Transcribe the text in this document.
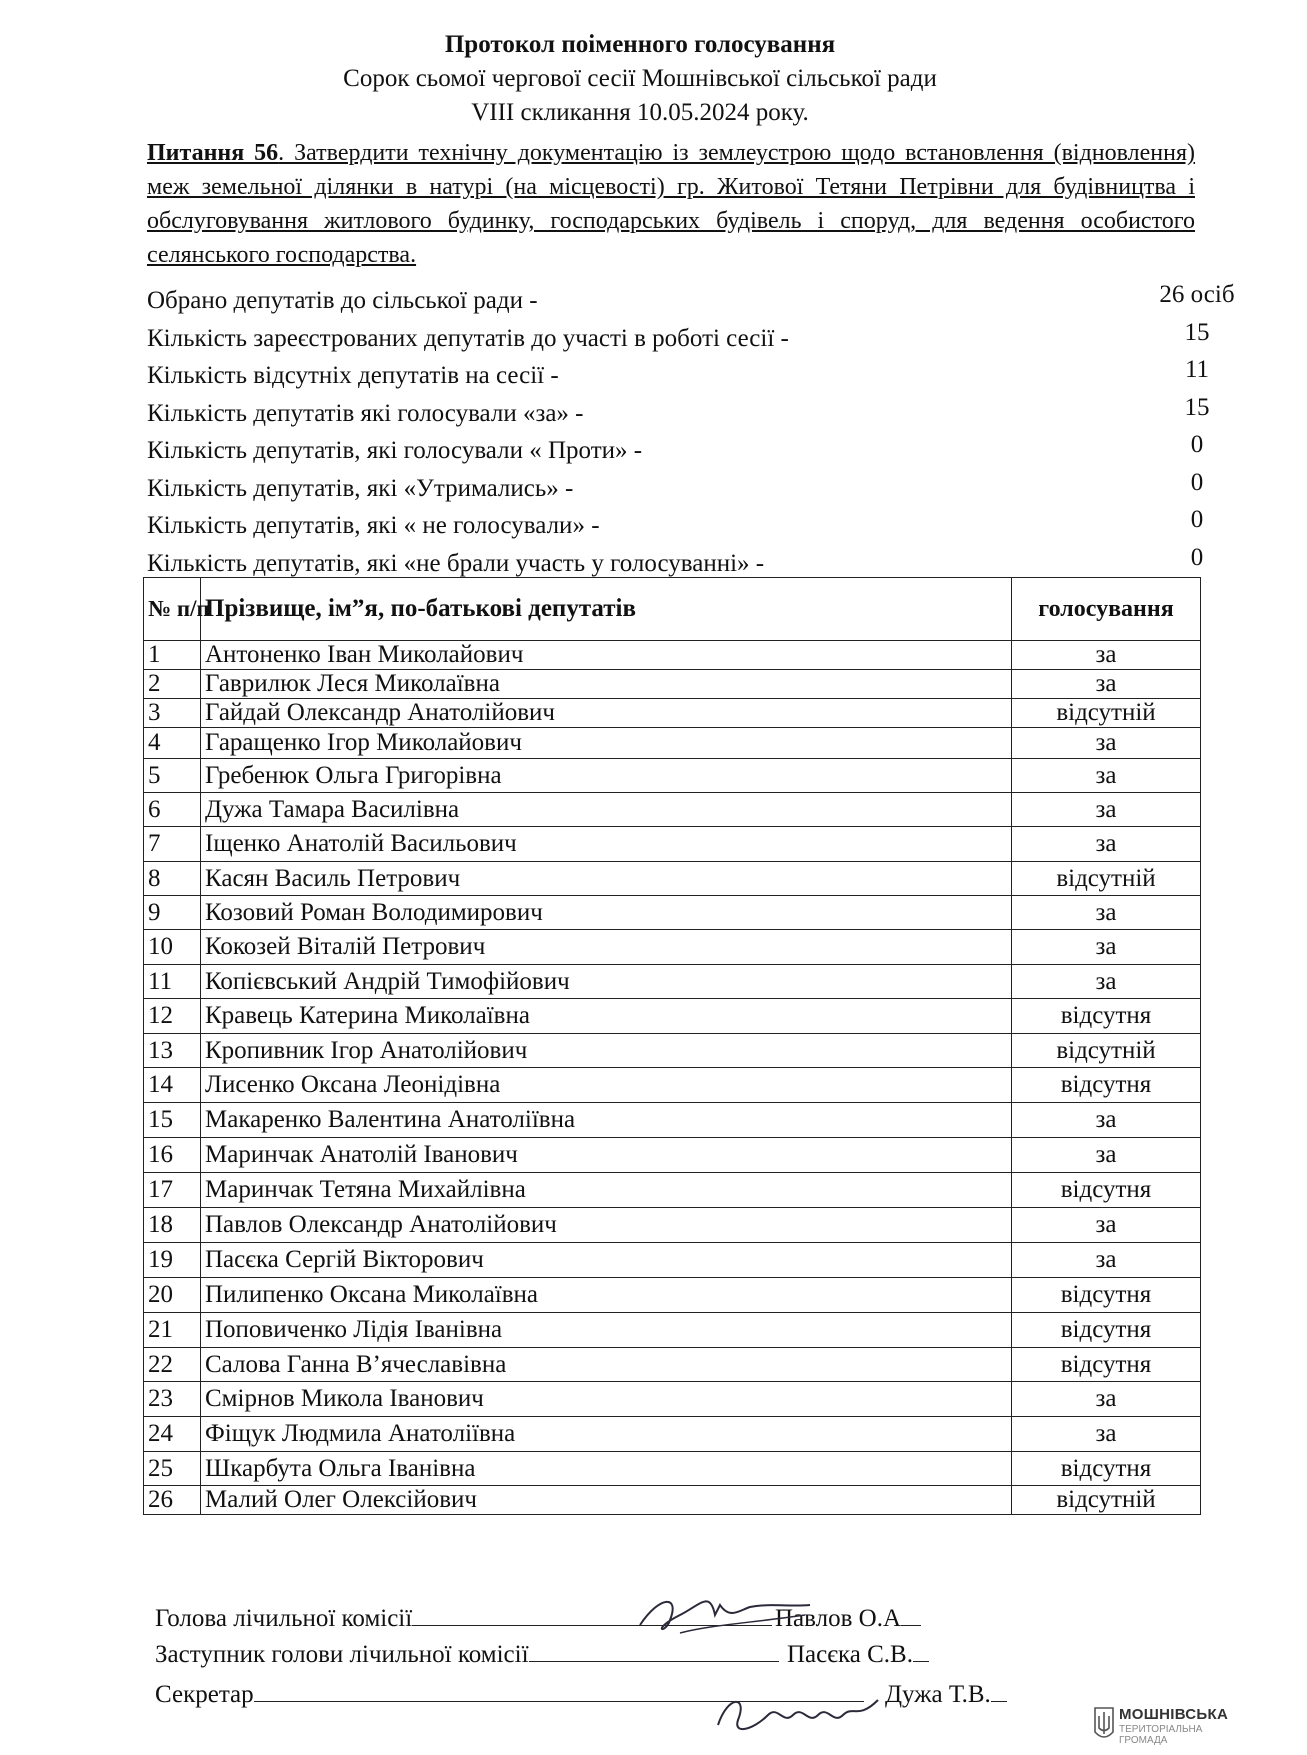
Протокол поіменного голосування
Сорок сьомої чергової сесії Мошнівської сільської ради
VIII скликання 10.05.2024 року.
Питання 56. Затвердити технічну документацію із землеустрою щодо встановлення (відновлення) меж земельної ділянки в натурі (на місцевості) гр. Житової Тетяни Петрівни для будівництва і обслуговування житлового будинку, господарських будівель і споруд, для ведення особистого селянського господарства.
Обрано депутатів до сільської ради -	26 осіб
Кількість зареєстрованих депутатів до участі в роботі сесії -	15
Кількість відсутніх депутатів на сесії -	11
Кількість депутатів які голосували «за» -	15
Кількість депутатів, які голосували « Проти» -	0
Кількість депутатів, які «Утримались» -	0
Кількість депутатів, які « не голосували» -	0
Кількість депутатів, які «не брали участь у голосуванні» -	0
№ п/п	Прізвище, ім”я, по-батькові депутатів	голосування
1	Антоненко Іван Миколайович	за
2	Гаврилюк Леся Миколаївна	за
3	Гайдай Олександр Анатолійович	відсутній
4	Гаращенко Ігор Миколайович	за
5	Гребенюк Ольга Григорівна	за
6	Дужа Тамара Василівна	за
7	Іщенко Анатолій Васильович	за
8	Касян Василь Петрович	відсутній
9	Козовий Роман Володимирович	за
10	Кокозей Віталій Петрович	за
11	Копієвський Андрій Тимофійович	за
12	Кравець Катерина Миколаївна	відсутня
13	Кропивник Ігор Анатолійович	відсутній
14	Лисенко Оксана Леонідівна	відсутня
15	Макаренко Валентина Анатоліївна	за
16	Маринчак Анатолій Іванович	за
17	Маринчак Тетяна Михайлівна	відсутня
18	Павлов Олександр Анатолійович	за
19	Пасєка Сергій Вікторович	за
20	Пилипенко Оксана Миколаївна	відсутня
21	Поповиченко Лідія Іванівна	відсутня
22	Салова Ганна В’ячеславівна	відсутня
23	Смірнов Микола Іванович	за
24	Фіщук Людмила Анатоліївна	за
25	Шкарбута Ольга Іванівна	відсутня
26	Малий Олег Олексійович	відсутній
Голова лічильної комісії	Павлов О.А
Заступник голови лічильної комісії	Пасєка С.В.
Секретар	Дужа Т.В.
МОШНІВСЬКА
ТЕРИТОРІАЛЬНА
ГРОМАДА
